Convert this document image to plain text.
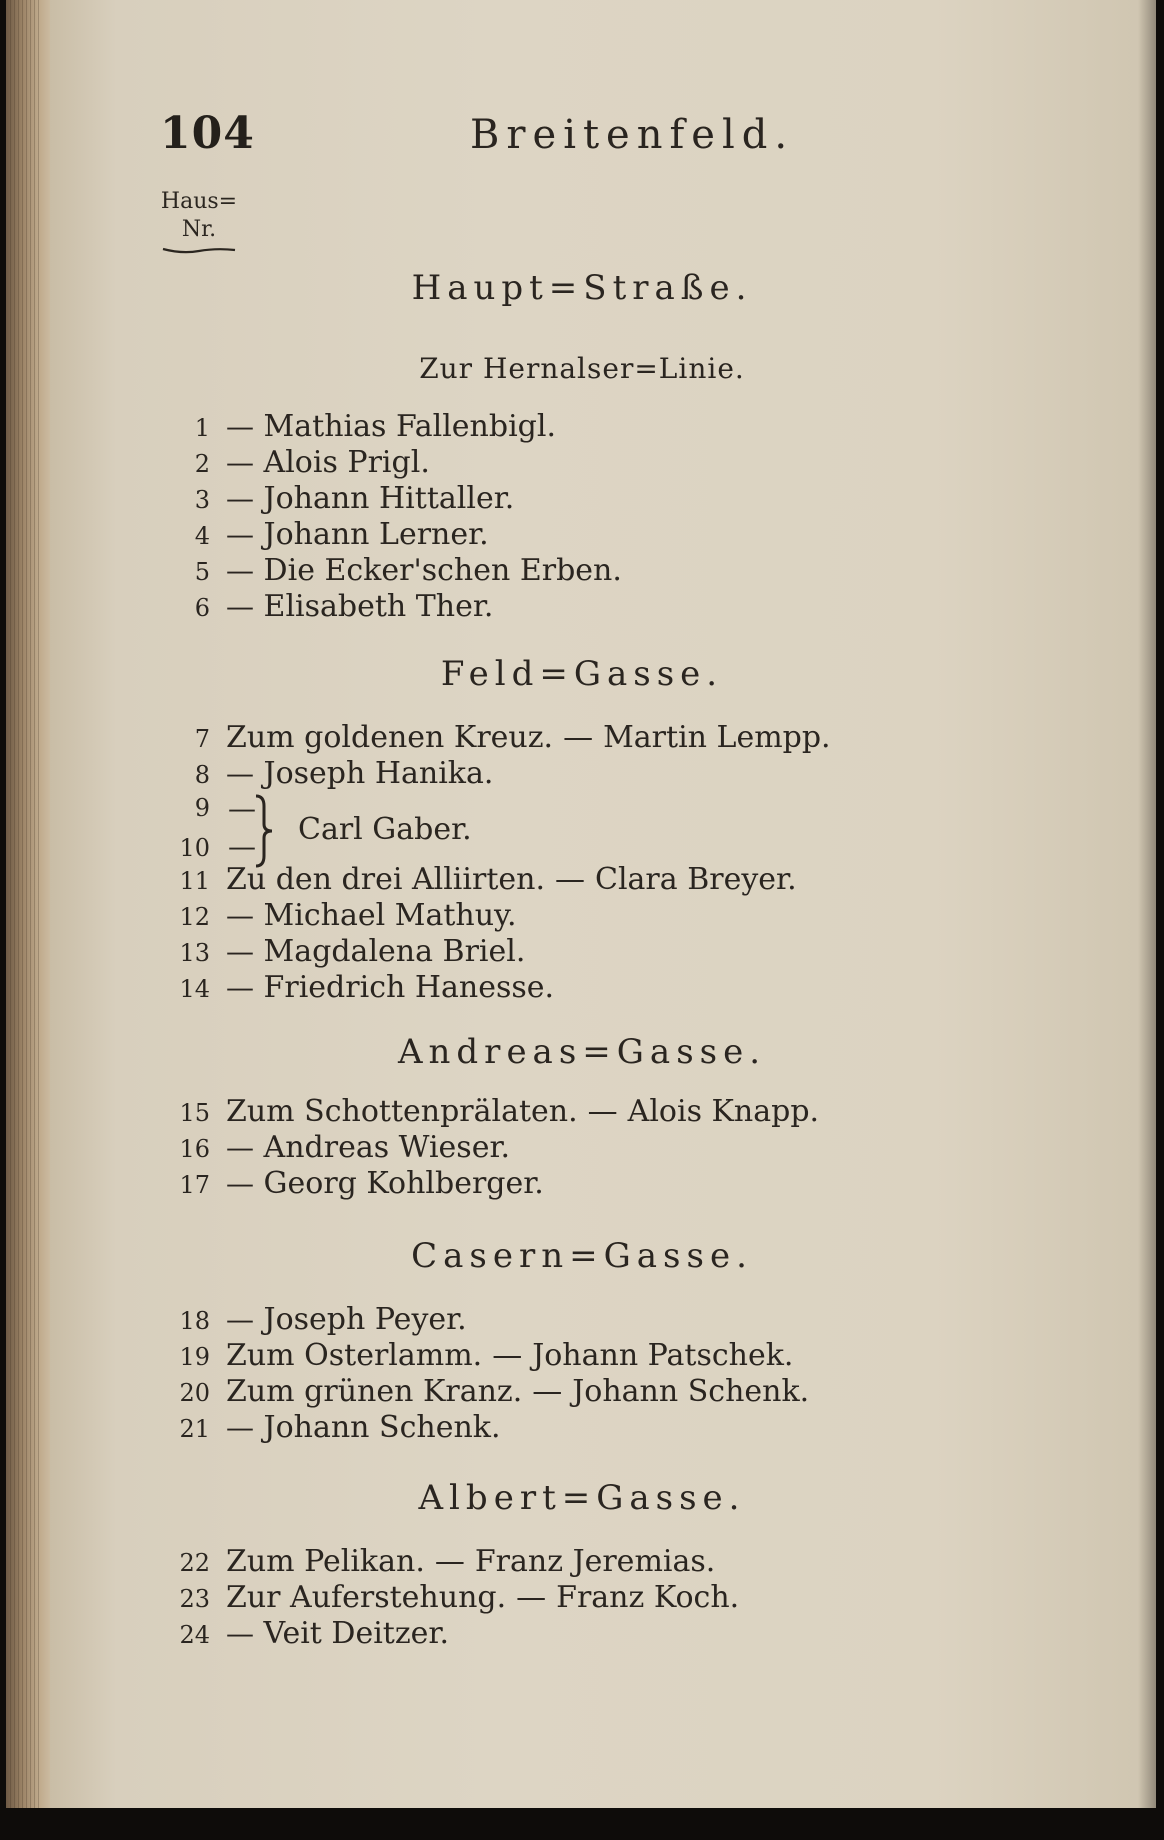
104	Breitenfeld.
Haus=
Nr.
Haupt=Straße.
Zur Hernalser=Linie.
1 — Mathias Fallenbigl.
2 — Alois Prigl.
3 — Johann Hittaller.
4 — Johann Lerner.
5 — Die Ecker'schen Erben.
6 — Elisabeth Ther.
Feld=Gasse.
7 Zum goldenen Kreuz. — Martin Lempp.
8 — Joseph Hanika.
9 —
10 — Carl Gaber.
11 Zu den drei Alliirten. — Clara Breyer.
12 — Michael Mathuy.
13 — Magdalena Briel.
14 — Friedrich Hanesse.
Andreas=Gasse.
15 Zum Schottenprälaten. — Alois Knapp.
16 — Andreas Wieser.
17 — Georg Kohlberger.
Casern=Gasse.
18 — Joseph Peyer.
19 Zum Osterlamm. — Johann Patschek.
20 Zum grünen Kranz. — Johann Schenk.
21 — Johann Schenk.
Albert=Gasse.
22 Zum Pelikan. — Franz Jeremias.
23 Zur Auferstehung. — Franz Koch.
24 — Veit Deitzer.
